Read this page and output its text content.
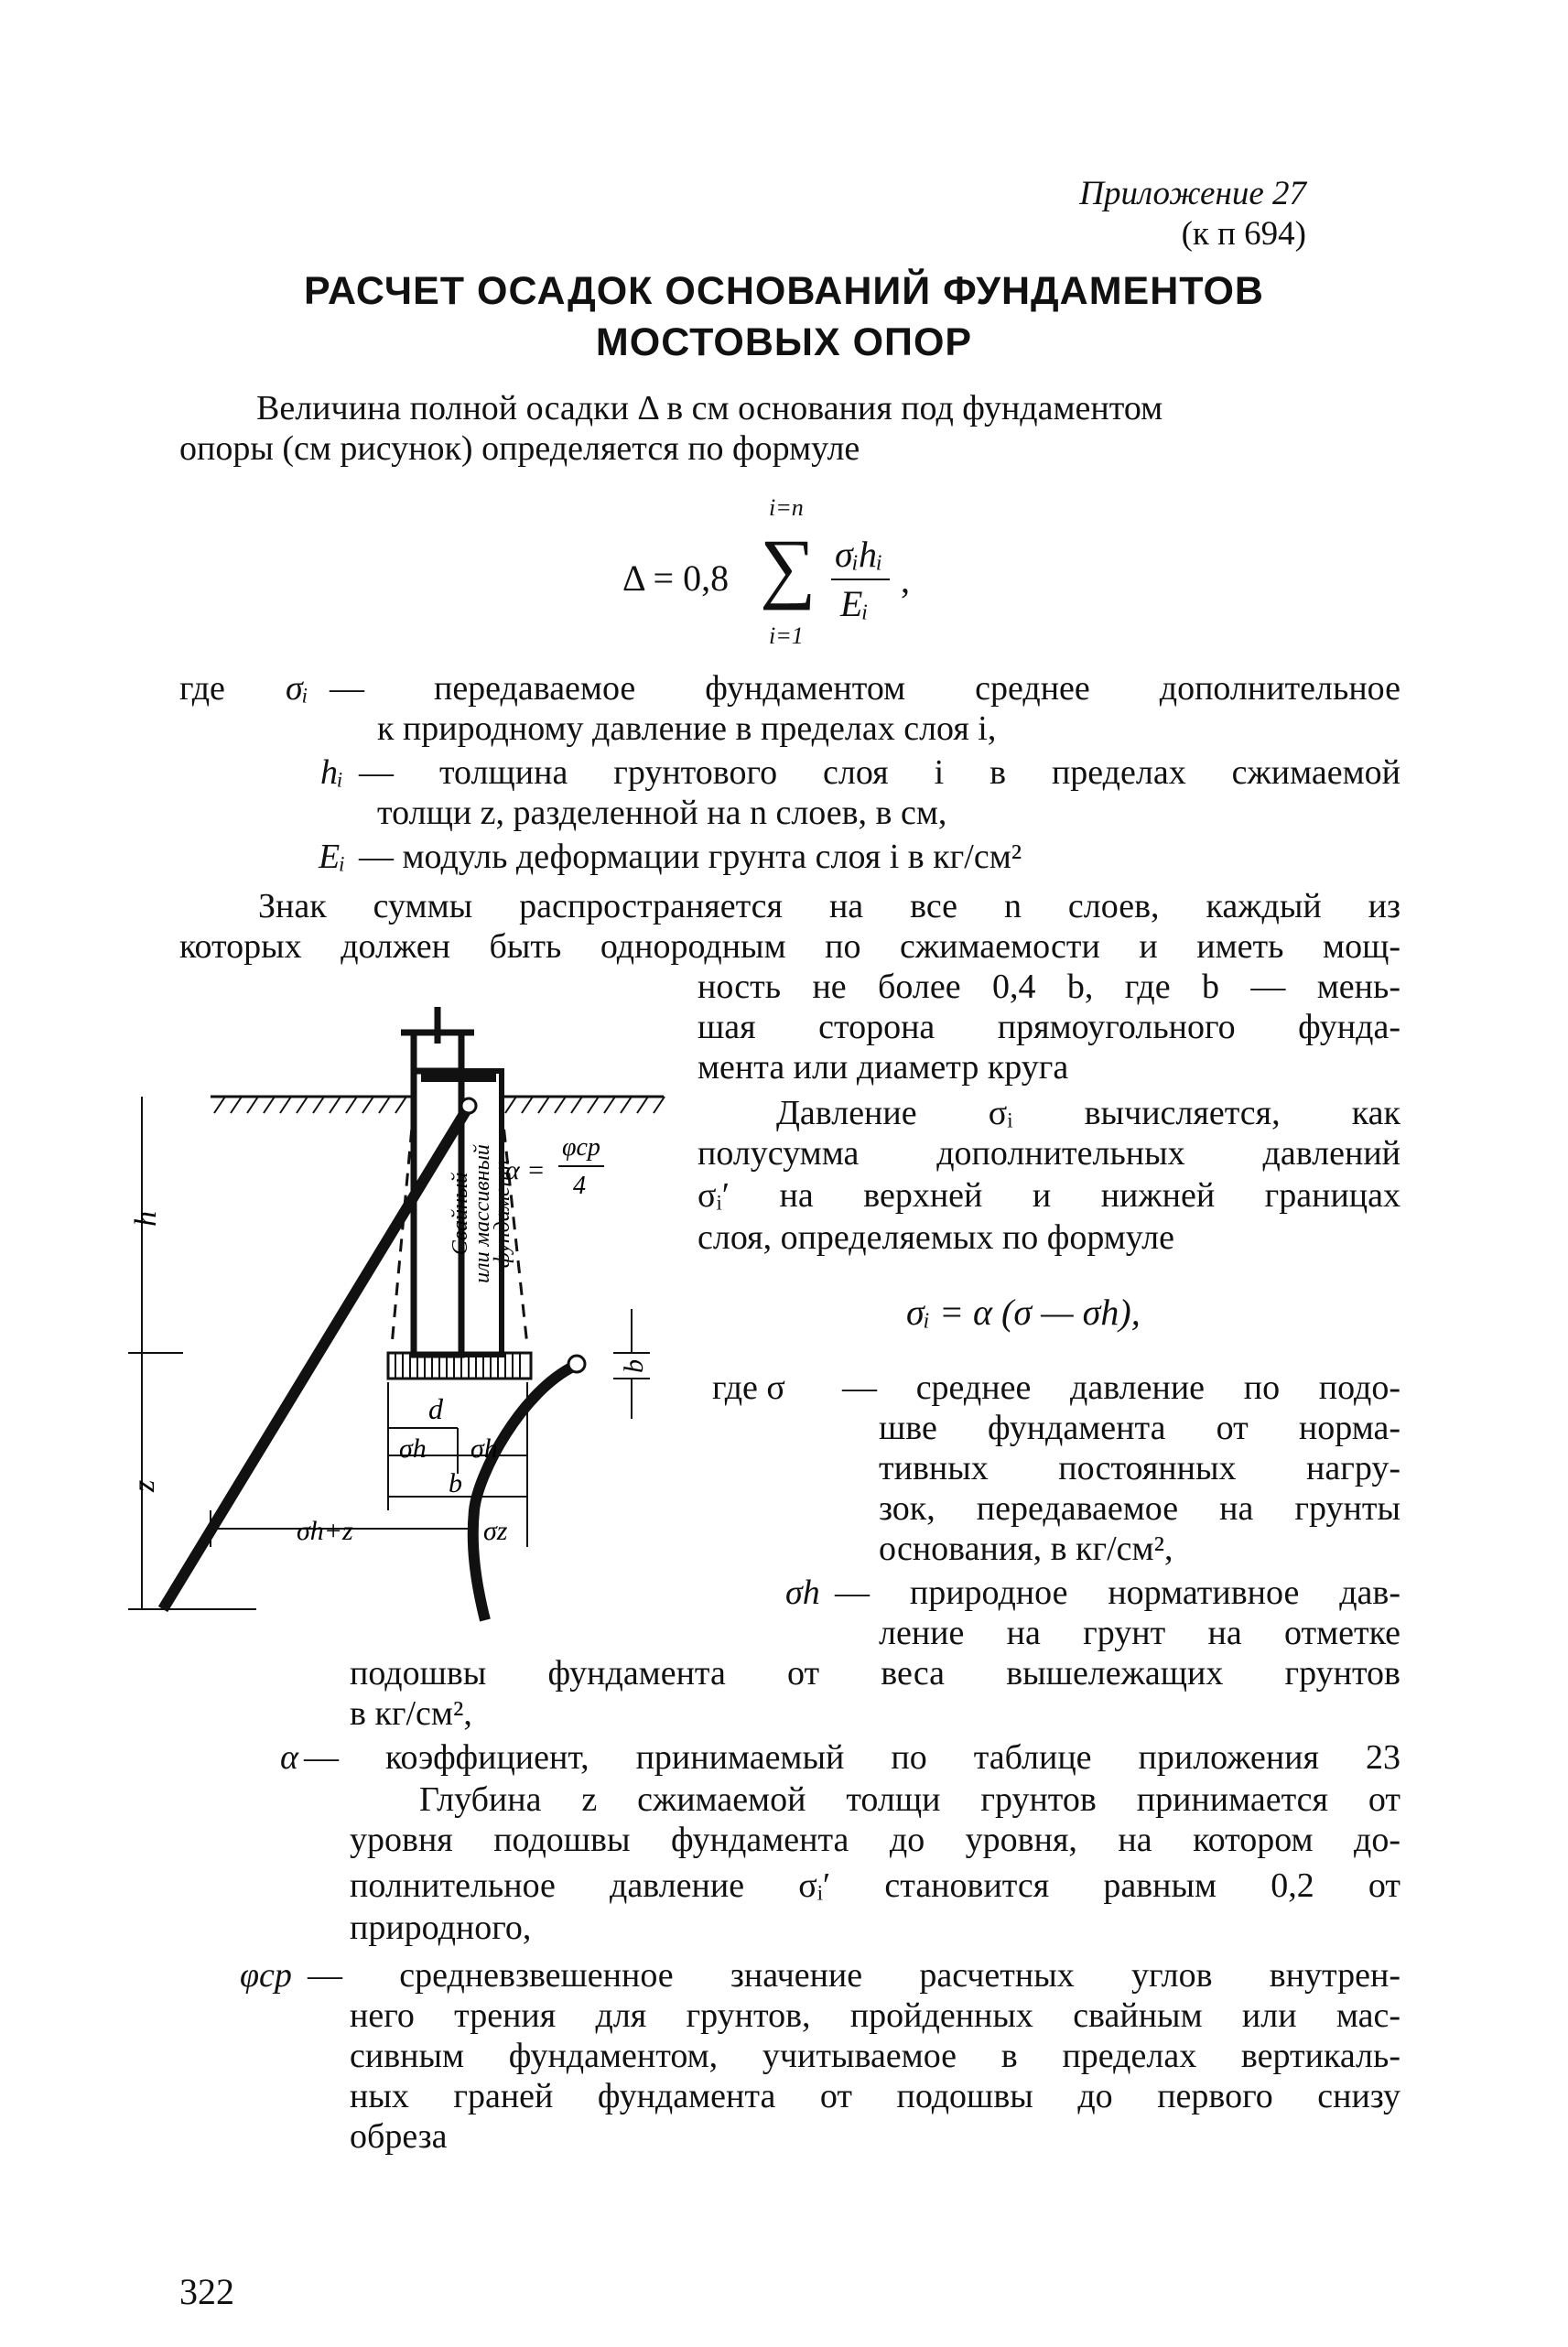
Приложение 27
(к п 694)
РАСЧЕТ ОСАДОК ОСНОВАНИЙ ФУНДАМЕНТОВ
МОСТОВЫХ ОПОР
Величина полной осадки Δ в см основания под фундаментом
опоры (см рисунок) определяется по формуле
Δ = 0,8
i=n
∑
i=1
σᵢhᵢ
Eᵢ
,
где σᵢ — передаваемое фундаментом среднее дополнительное
к природному давление в пределах слоя i,
hᵢ — толщина грунтового слоя i в пределах сжимаемой
толщи z, разделенной на n слоев, в см,
Eᵢ — модуль деформации грунта слоя i в кг/см²
Знак суммы распространяется на все n слоев, каждый из
которых должен быть однородным по сжимаемости и иметь мощ-
ность не более 0,4 b, где b — мень-
шая сторона прямоугольного фунда-
мента или диаметр круга
Давление σᵢ вычисляется, как
полусумма дополнительных давлений
σᵢ′ на верхней и нижней границах
слоя, определяемых по формуле
σᵢ = α (σ — σh),
где σ — среднее давление по подо-
шве фундамента от норма-
тивных постоянных нагру-
зок, передаваемое на грунты
основания, в кг/см²,
σh — природное нормативное дав-
ление на грунт на отметке
подошвы фундамента от веса вышележащих грунтов
в кг/см²,
α — коэффициент, принимаемый по таблице приложения 23
Глубина z сжимаемой толщи грунтов принимается от
уровня подошвы фундамента до уровня, на котором до-
полнительное давление σᵢ′ становится равным 0,2 от
природного,
φср — средневзвешенное значение расчетных углов внутрен-
него трения для грунтов, пройденных свайным или мас-
сивным фундаментом, учитываемое в пределах вертикаль-
ных граней фундамента от подошвы до первого снизу
обреза
Свайный
или массивный
фундамент
h
z
α =
φср
4
b
d
σh σh
b
σh+z	σz
322
